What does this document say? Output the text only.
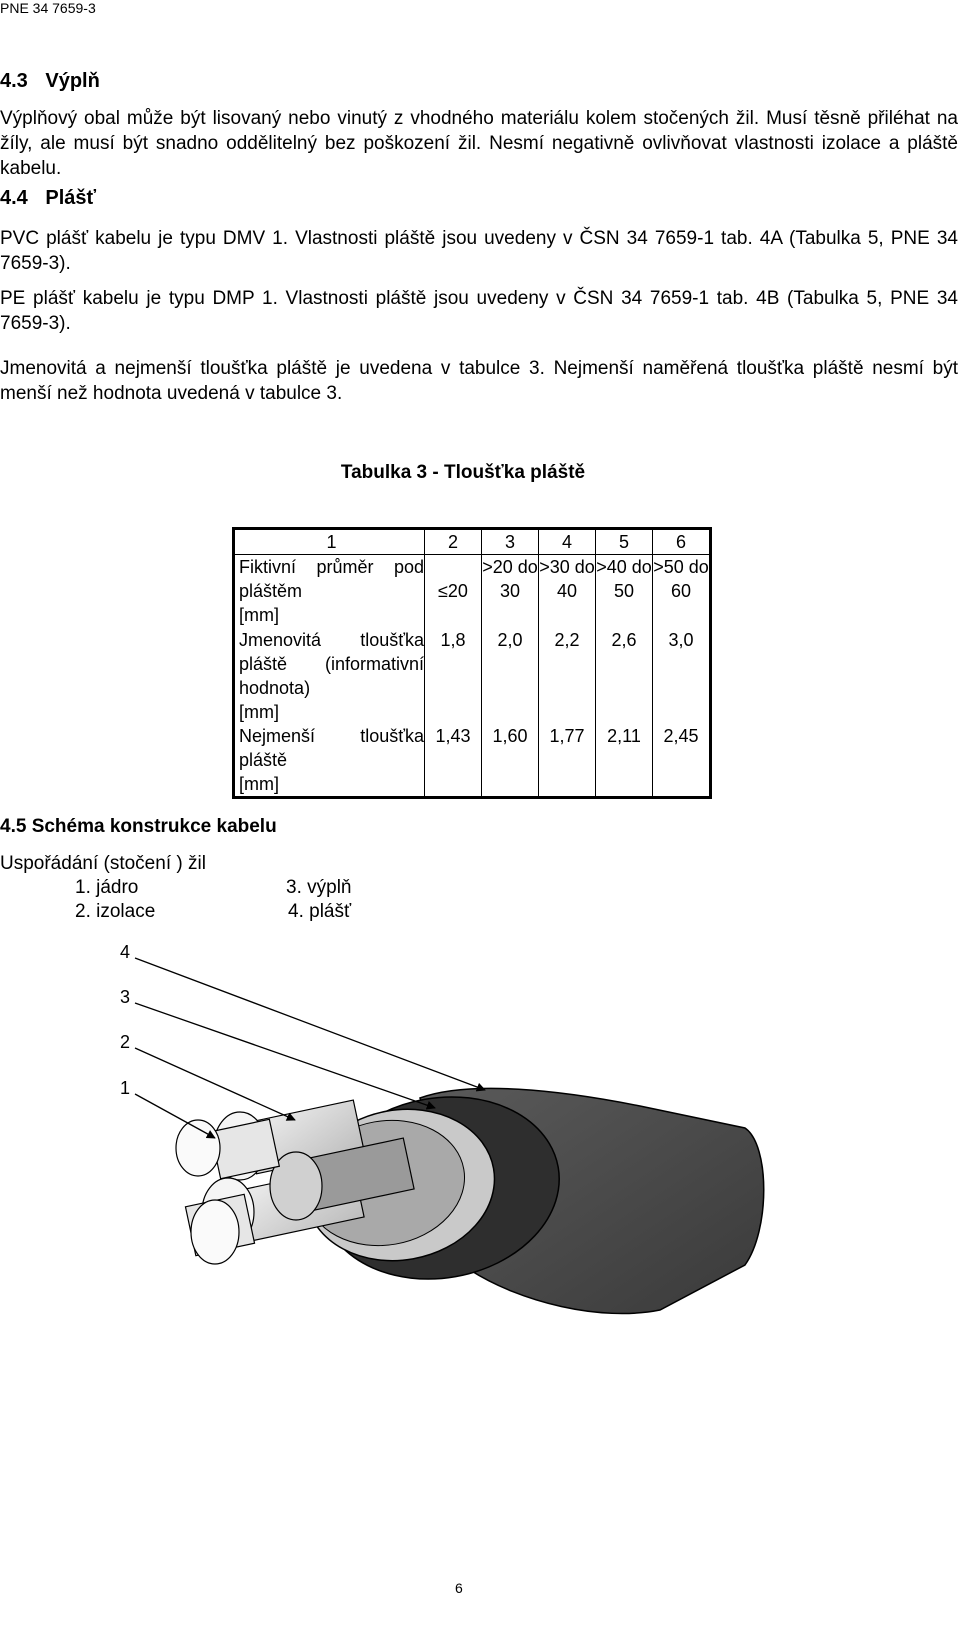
PNE 34 7659-3
4.3 Výplň
Výplňový obal může být lisovaný nebo vinutý z vhodného materiálu kolem stočených žil. Musí těsně přiléhat na žíly, ale musí být snadno oddělitelný bez poškození žil. Nesmí negativně ovlivňovat vlastnosti izolace a pláště kabelu.
4.4 Plášť
PVC plášť kabelu je typu DMV 1. Vlastnosti pláště jsou uvedeny v ČSN 34 7659-1 tab. 4A (Tabulka 5, PNE 34 7659-3).
PE plášť kabelu je typu DMP 1. Vlastnosti pláště jsou uvedeny v ČSN 34 7659-1 tab. 4B (Tabulka 5, PNE 34 7659-3).
Jmenovitá a nejmenší tloušťka pláště je uvedena v tabulce 3. Nejmenší naměřená tloušťka pláště nesmí být menší než hodnota uvedená v tabulce 3.
Tabulka 3 - Tloušťka pláště
1	2	3	4	5	6

Fiktivní průměr pod
pláštěm
[mm]	≤20	>20 do 30	>30 do 40	>40 do 50	>50 do 60

Jmenovitá tloušťka
pláště (informativní
hodnota)
[mm]	1,8	2,0	2,2	2,6	3,0

Nejmenší tloušťka
pláště
[mm]	1,43	1,60	1,77	2,11	2,45
4.5 Schéma konstrukce kabelu
Uspořádání (stočení ) žil
1. jádro
2. izolace
3. výplň
4. plášť
4
3
2
1
6
